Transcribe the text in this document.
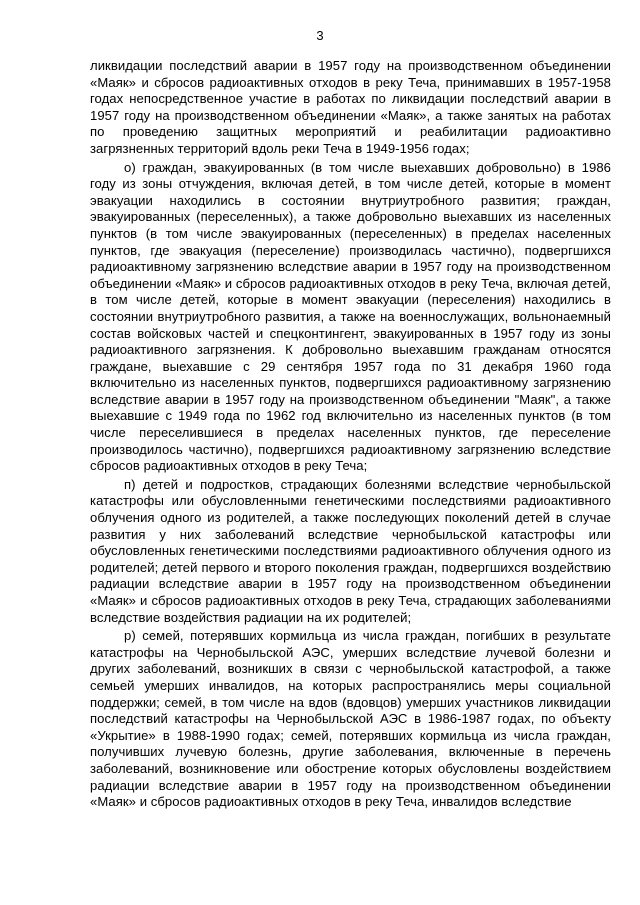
3

ликвидации последствий аварии в 1957 году на производственном объединении «Маяк» и сбросов радиоактивных отходов в реку Теча, принимавших в 1957-1958 годах непосредственное участие в работах по ликвидации последствий аварии в 1957 году на производственном объединении «Маяк», а также занятых на работах по проведению защитных мероприятий и реабилитации радиоактивно загрязненных территорий вдоль реки Теча в 1949-1956 годах;

о) граждан, эвакуированных (в том числе выехавших добровольно) в 1986 году из зоны отчуждения, включая детей, в том числе детей, которые в момент эвакуации находились в состоянии внутриутробного развития; граждан, эвакуированных (переселенных), а также добровольно выехавших из населенных пунктов (в том числе эвакуированных (переселенных) в пределах населенных пунктов, где эвакуация (переселение) производилась частично), подвергшихся радиоактивному загрязнению вследствие аварии в 1957 году на производственном объединении «Маяк» и сбросов радиоактивных отходов в реку Теча, включая детей, в том числе детей, которые в момент эвакуации (переселения) находились в состоянии внутриутробного развития, а также на военнослужащих, вольнонаемный состав войсковых частей и спецконтингент, эвакуированных в 1957 году из зоны радиоактивного загрязнения. К добровольно выехавшим гражданам относятся граждане, выехавшие с 29 сентября 1957 года по 31 декабря 1960 года включительно из населенных пунктов, подвергшихся радиоактивному загрязнению вследствие аварии в 1957 году на производственном объединении "Маяк", а также выехавшие с 1949 года по 1962 год включительно из населенных пунктов (в том числе переселившиеся в пределах населенных пунктов, где переселение производилось частично), подвергшихся радиоактивному загрязнению вследствие сбросов радиоактивных отходов в реку Теча;

п) детей и подростков, страдающих болезнями вследствие чернобыльской катастрофы или обусловленными генетическими последствиями радиоактивного облучения одного из родителей, а также последующих поколений детей в случае развития у них заболеваний вследствие чернобыльской катастрофы или обусловленных генетическими последствиями радиоактивного облучения одного из родителей; детей первого и второго поколения граждан, подвергшихся воздействию радиации вследствие аварии в 1957 году на производственном объединении «Маяк» и сбросов радиоактивных отходов в реку Теча, страдающих заболеваниями вследствие воздействия радиации на их родителей;

р) семей, потерявших кормильца из числа граждан, погибших в результате катастрофы на Чернобыльской АЭС, умерших вследствие лучевой болезни и других заболеваний, возникших в связи с чернобыльской катастрофой, а также семьей умерших инвалидов, на которых распространялись меры социальной поддержки; семей, в том числе на вдов (вдовцов) умерших участников ликвидации последствий катастрофы на Чернобыльской АЭС в 1986-1987 годах, по объекту «Укрытие» в 1988-1990 годах; семей, потерявших кормильца из числа граждан, получивших лучевую болезнь, другие заболевания, включенные в перечень заболеваний, возникновение или обострение которых обусловлены воздействием радиации вследствие аварии в 1957 году на производственном объединении «Маяк» и сбросов радиоактивных отходов в реку Теча, инвалидов вследствие
